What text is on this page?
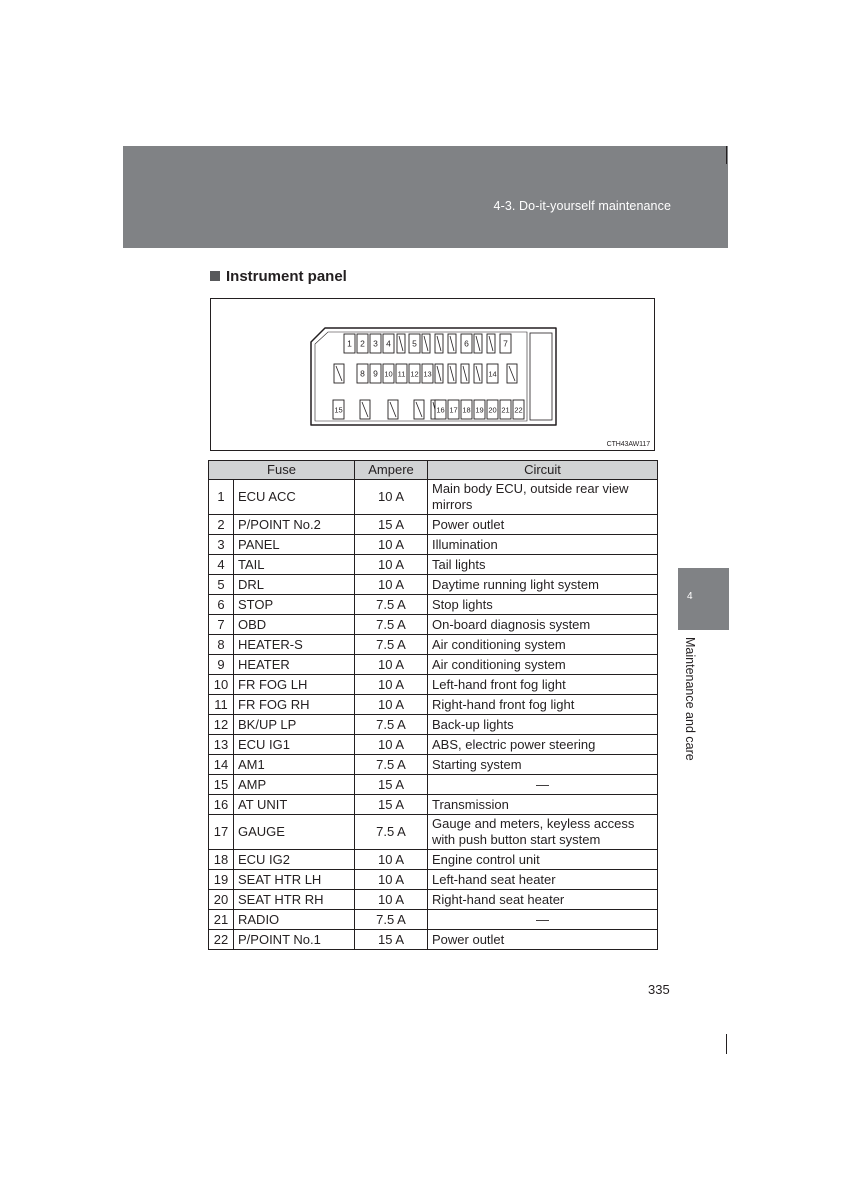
4-3. Do-it-yourself maintenance
4
Maintenance and care
Instrument panel
1 2 3 4	5	6	7
8 9 10 11 12 13	14
15	16 17 18 19 20 21 22
CTH43AW117
Fuse		Ampere	Circuit
1	ECU ACC	10 A	Main body ECU, outside rear view mirrors
2	P/POINT No.2	15 A	Power outlet
3	PANEL	10 A	Illumination
4	TAIL	10 A	Tail lights
5	DRL	10 A	Daytime running light system
6	STOP	7.5 A	Stop lights
7	OBD	7.5 A	On-board diagnosis system
8	HEATER-S	7.5 A	Air conditioning system
9	HEATER	10 A	Air conditioning system
10	FR FOG LH	10 A	Left-hand front fog light
11	FR FOG RH	10 A	Right-hand front fog light
12	BK/UP LP	7.5 A	Back-up lights
13	ECU IG1	10 A	ABS, electric power steering
14	AM1	7.5 A	Starting system
15	AMP	15 A	—
16	AT UNIT	15 A	Transmission
17	GAUGE	7.5 A	Gauge and meters, keyless access with push button start system
18	ECU IG2	10 A	Engine control unit
19	SEAT HTR LH	10 A	Left-hand seat heater
20	SEAT HTR RH	10 A	Right-hand seat heater
21	RADIO	7.5 A	—
22	P/POINT No.1	15 A	Power outlet
335
